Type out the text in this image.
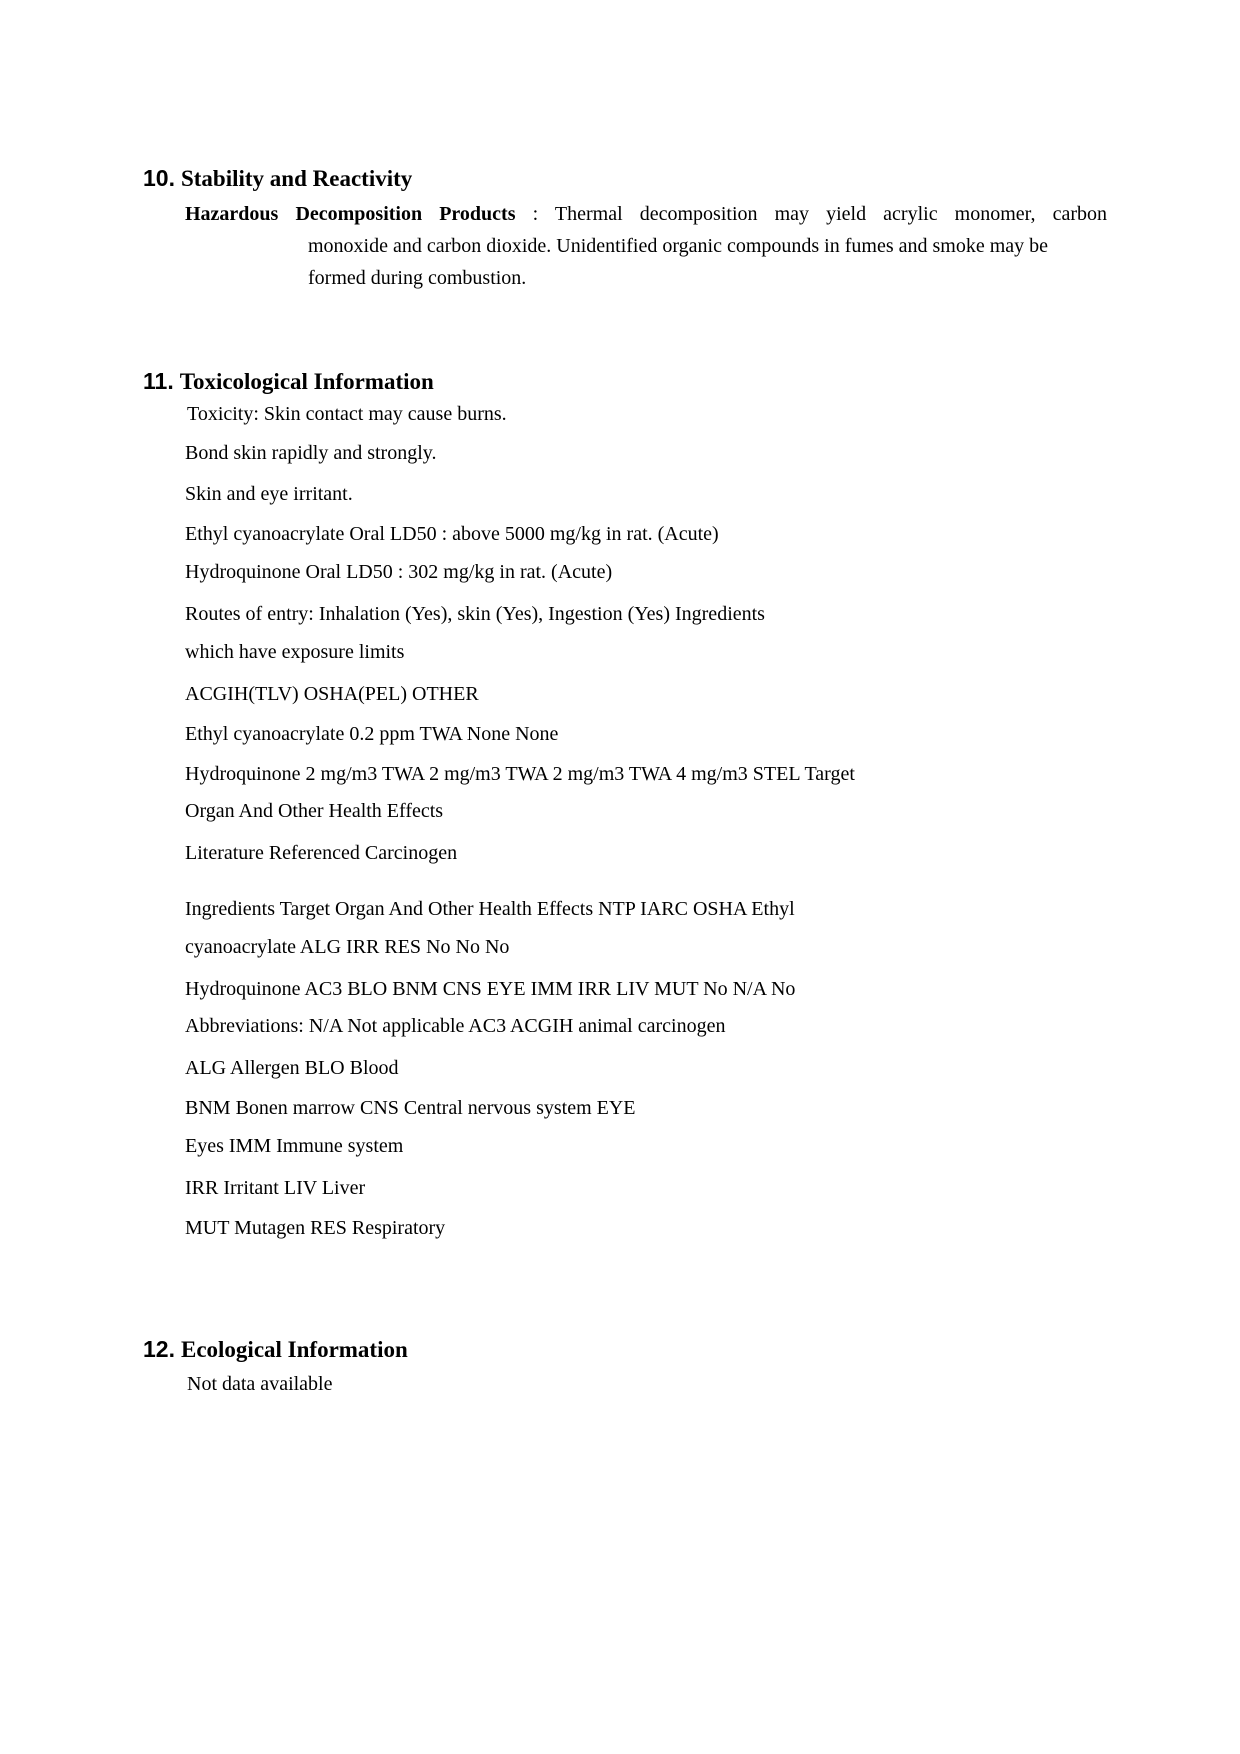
10. Stability and Reactivity
Hazardous Decomposition Products : Thermal decomposition may yield acrylic monomer, carbon
monoxide and carbon dioxide. Unidentified organic compounds in fumes and smoke may be
formed during combustion.
11. Toxicological Information
Toxicity: Skin contact may cause burns.
Bond skin rapidly and strongly.
Skin and eye irritant.
Ethyl cyanoacrylate Oral LD50 : above 5000 mg/kg in rat. (Acute)
Hydroquinone Oral LD50 : 302 mg/kg in rat. (Acute)
Routes of entry: Inhalation (Yes), skin (Yes), Ingestion (Yes) Ingredients
which have exposure limits
ACGIH(TLV) OSHA(PEL) OTHER
Ethyl cyanoacrylate 0.2 ppm TWA None None
Hydroquinone 2 mg/m3 TWA 2 mg/m3 TWA 2 mg/m3 TWA 4 mg/m3 STEL Target
Organ And Other Health Effects
Literature Referenced Carcinogen
Ingredients Target Organ And Other Health Effects NTP IARC OSHA Ethyl
cyanoacrylate ALG IRR RES No No No
Hydroquinone AC3 BLO BNM CNS EYE IMM IRR LIV MUT No N/A No
Abbreviations: N/A Not applicable AC3 ACGIH animal carcinogen
ALG Allergen BLO Blood
BNM Bonen marrow CNS Central nervous system EYE
Eyes IMM Immune system
IRR Irritant LIV Liver
MUT Mutagen RES Respiratory
12. Ecological Information
Not data available
